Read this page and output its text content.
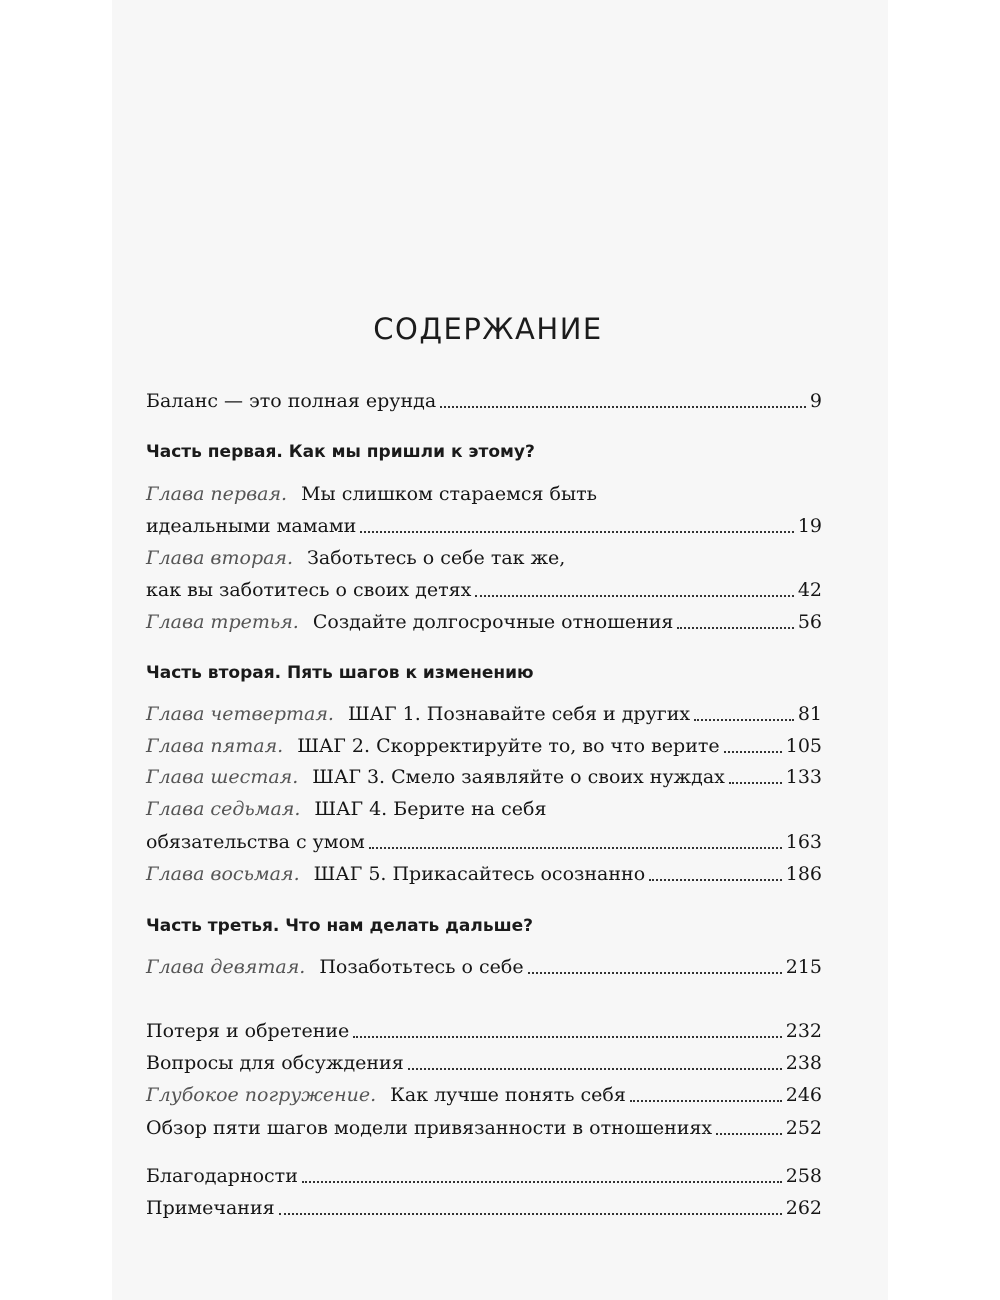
СОДЕРЖАНИЕ
Баланс — это полная ерунда	9
Часть первая. Как мы пришли к этому?
Глава первая. Мы слишком стараемся быть
идеальными мамами	19
Глава вторая. Заботьтесь о себе так же,
как вы заботитесь о своих детях	42
Глава третья. Создайте долгосрочные отношения	56
Часть вторая. Пять шагов к изменению
Глава четвертая. ШАГ 1. Познавайте себя и других	81
Глава пятая. ШАГ 2. Скорректируйте то, во что верите	105
Глава шестая. ШАГ 3. Смело заявляйте о своих нуждах	133
Глава седьмая. ШАГ 4. Берите на себя
обязательства с умом	163
Глава восьмая. ШАГ 5. Прикасайтесь осознанно	186
Часть третья. Что нам делать дальше?
Глава девятая. Позаботьтесь о себе	215
Потеря и обретение	232
Вопросы для обсуждения	238
Глубокое погружение. Как лучше понять себя	246
Обзор пяти шагов модели привязанности в отношениях	252
Благодарности	258
Примечания	262
